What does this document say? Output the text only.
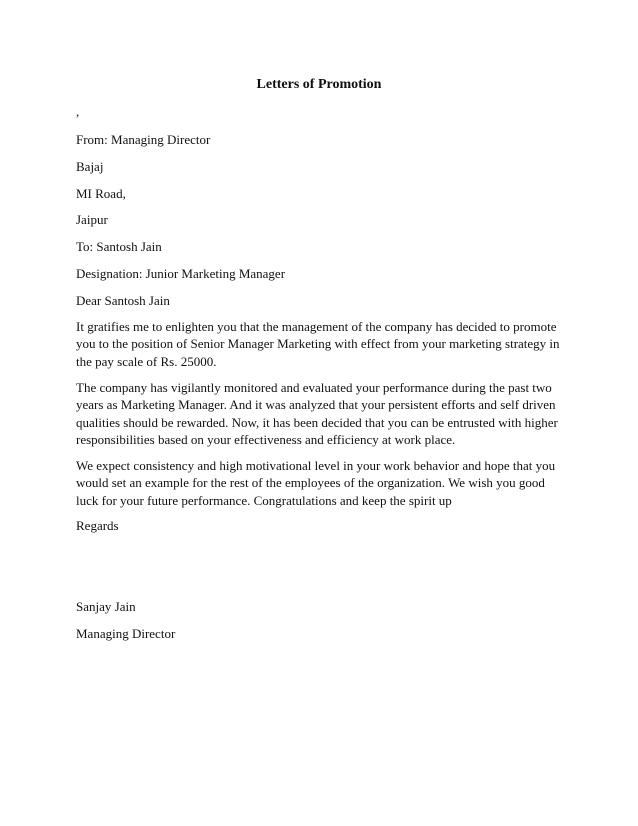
Letters of Promotion

,

From: Managing Director

Bajaj

MI Road,

Jaipur

To: Santosh Jain

Designation: Junior Marketing Manager

Dear Santosh Jain

It gratifies me to enlighten you that the management of the company has decided to promote you to the position of Senior Manager Marketing with effect from your marketing strategy in the pay scale of Rs. 25000.

The company has vigilantly monitored and evaluated your performance during the past two years as Marketing Manager. And it was analyzed that your persistent efforts and self driven qualities should be rewarded. Now, it has been decided that you can be entrusted with higher responsibilities based on your effectiveness and efficiency at work place.

We expect consistency and high motivational level in your work behavior and hope that you would set an example for the rest of the employees of the organization. We wish you good luck for your future performance. Congratulations and keep the spirit up

Regards

Sanjay Jain

Managing Director
